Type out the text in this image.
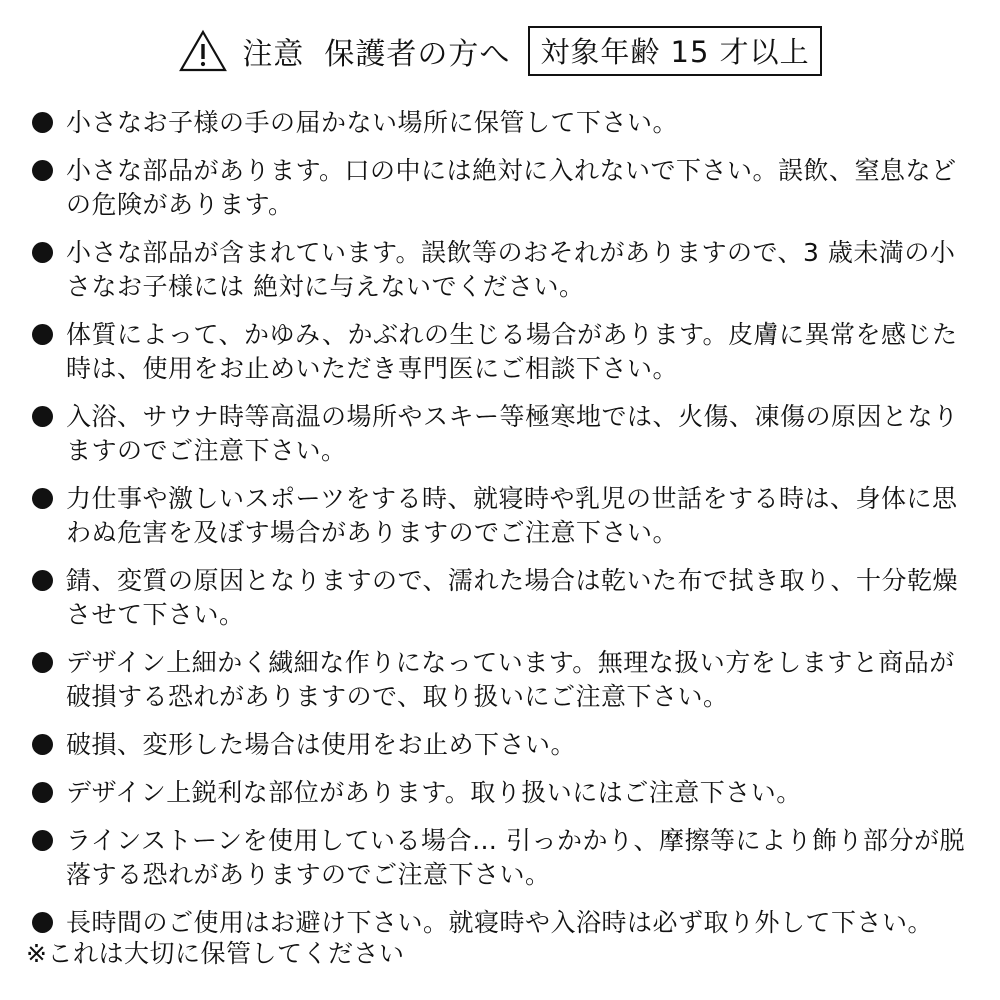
注意 保護者の方へ	対象年齢 15 才以上
小さなお子様の手の届かない場所に保管して下さい。
小さな部品があります。口の中には絶対に入れないで下さい。誤飲、窒息などの危険があります。
小さな部品が含まれています。誤飲等のおそれがありますので、3 歳未満の小さなお子様には 絶対に与えないでください。
体質によって、かゆみ、かぶれの生じる場合があります。皮膚に異常を感じた時は、使用をお止めいただき専門医にご相談下さい。
入浴、サウナ時等高温の場所やスキー等極寒地では、火傷、凍傷の原因となりますのでご注意下さい。
力仕事や激しいスポーツをする時、就寝時や乳児の世話をする時は、身体に思わぬ危害を及ぼす場合がありますのでご注意下さい。
錆、変質の原因となりますので、濡れた場合は乾いた布で拭き取り、十分乾燥させて下さい。
デザイン上細かく繊細な作りになっています。無理な扱い方をしますと商品が破損する恐れがありますので、取り扱いにご注意下さい。
破損、変形した場合は使用をお止め下さい。
デザイン上鋭利な部位があります。取り扱いにはご注意下さい。
ラインストーンを使用している場合… 引っかかり、摩擦等により飾り部分が脱落する恐れがありますのでご注意下さい。
長時間のご使用はお避け下さい。就寝時や入浴時は必ず取り外して下さい。
※これは大切に保管してください
